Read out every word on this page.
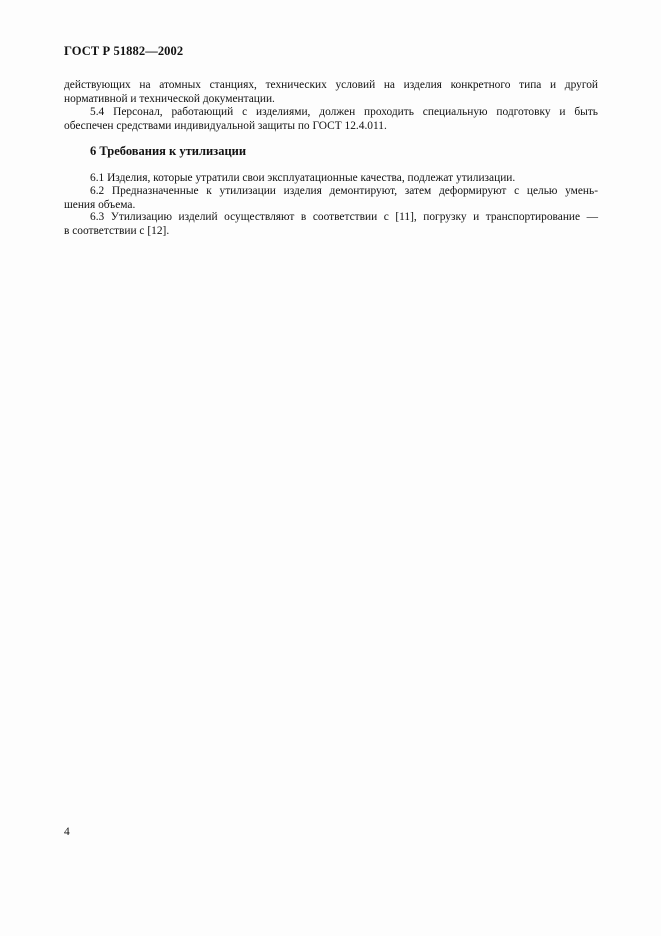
ГОСТ Р 51882—2002
действующих на атомных станциях, технических условий на изделия конкретного типа и другой
нормативной и технической документации.
5.4 Персонал, работающий с изделиями, должен проходить специальную подготовку и быть
обеспечен средствами индивидуальной защиты по ГОСТ 12.4.011.
6 Требования к утилизации
6.1 Изделия, которые утратили свои эксплуатационные качества, подлежат утилизации.
6.2 Предназначенные к утилизации изделия демонтируют, затем деформируют с целью умень-
шения объема.
6.3 Утилизацию изделий осуществляют в соответствии с [11], погрузку и транспортирование —
в соответствии с [12].
4
